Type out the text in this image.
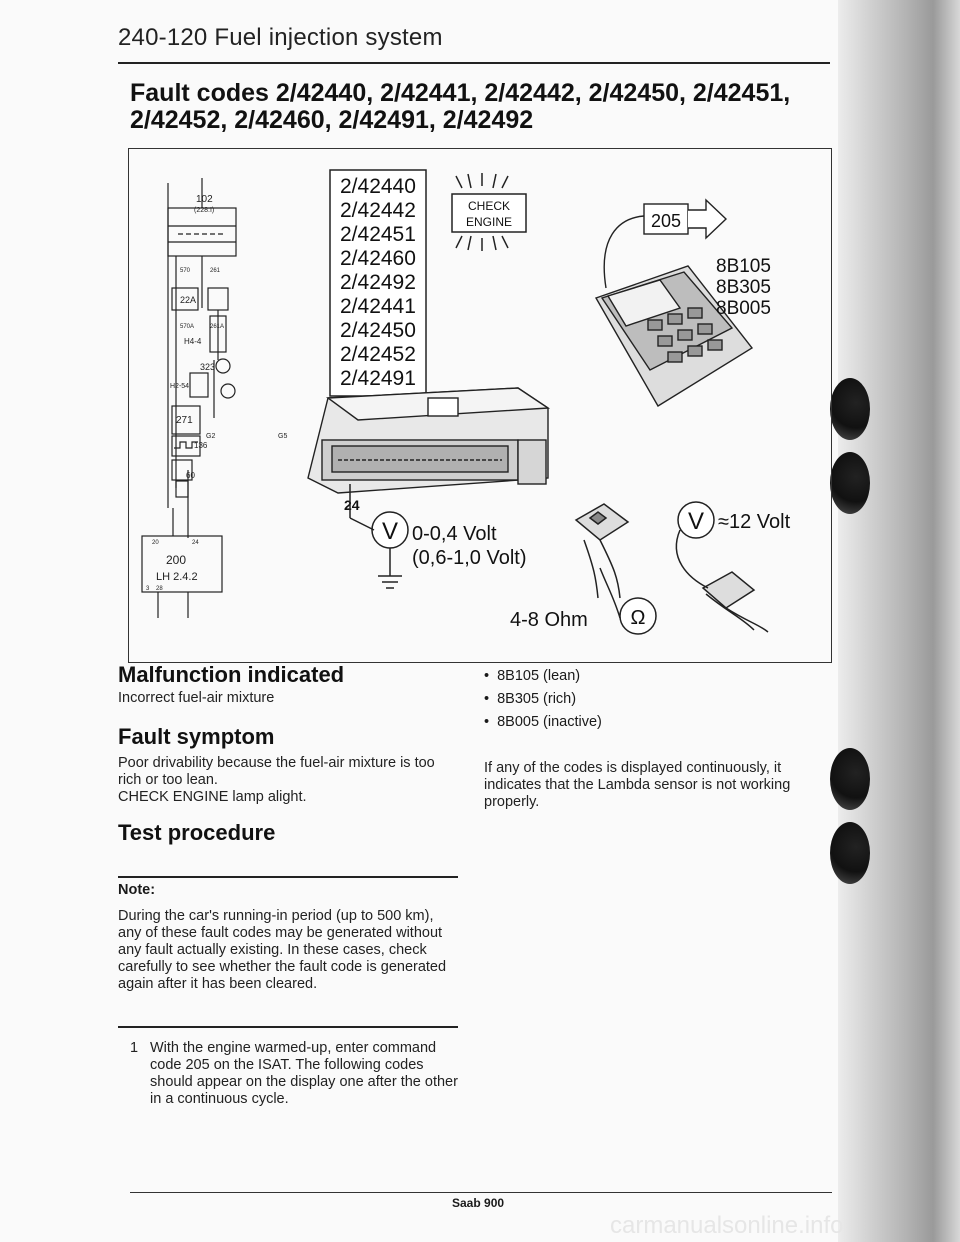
240-120 Fuel injection system
Fault codes 2/42440, 2/42441, 2/42442, 2/42450, 2/42451, 2/42452, 2/42460, 2/42491, 2/42492
102
(228:I)
570	261
22A
570A	261A
H4-4
323
H2-54
271
G2	G5
136
60
20	24
200
LH 2.4.2
3 28
2/42440
2/42442
2/42451
2/42460
2/42492
2/42441
2/42450
2/42452
2/42491
CHECK
ENGINE	205
8B105
8B305
8B005
24
V 0-0,4 Volt
(0,6-1,0 Volt)
V ≈12 Volt
Ω
4-8 Ohm
Malfunction indicated
Incorrect fuel-air mixture
Fault symptom
Poor drivability because the fuel-air mixture is too rich or too lean.
CHECK ENGINE lamp alight.
Test procedure
Note:
During the car's running-in period (up to 500 km), any of these fault codes may be generated without any fault actually existing. In these cases, check carefully to see whether the fault code is generated again after it has been cleared.
1 With the engine warmed-up, enter command code 205 on the ISAT. The following codes should appear on the display one after the other in a continuous cycle.
• 8B105 (lean)
• 8B305 (rich)
• 8B005 (inactive)
If any of the codes is displayed continuously, it indicates that the Lambda sensor is not working properly.
Saab 900
carmanualsonline.info
